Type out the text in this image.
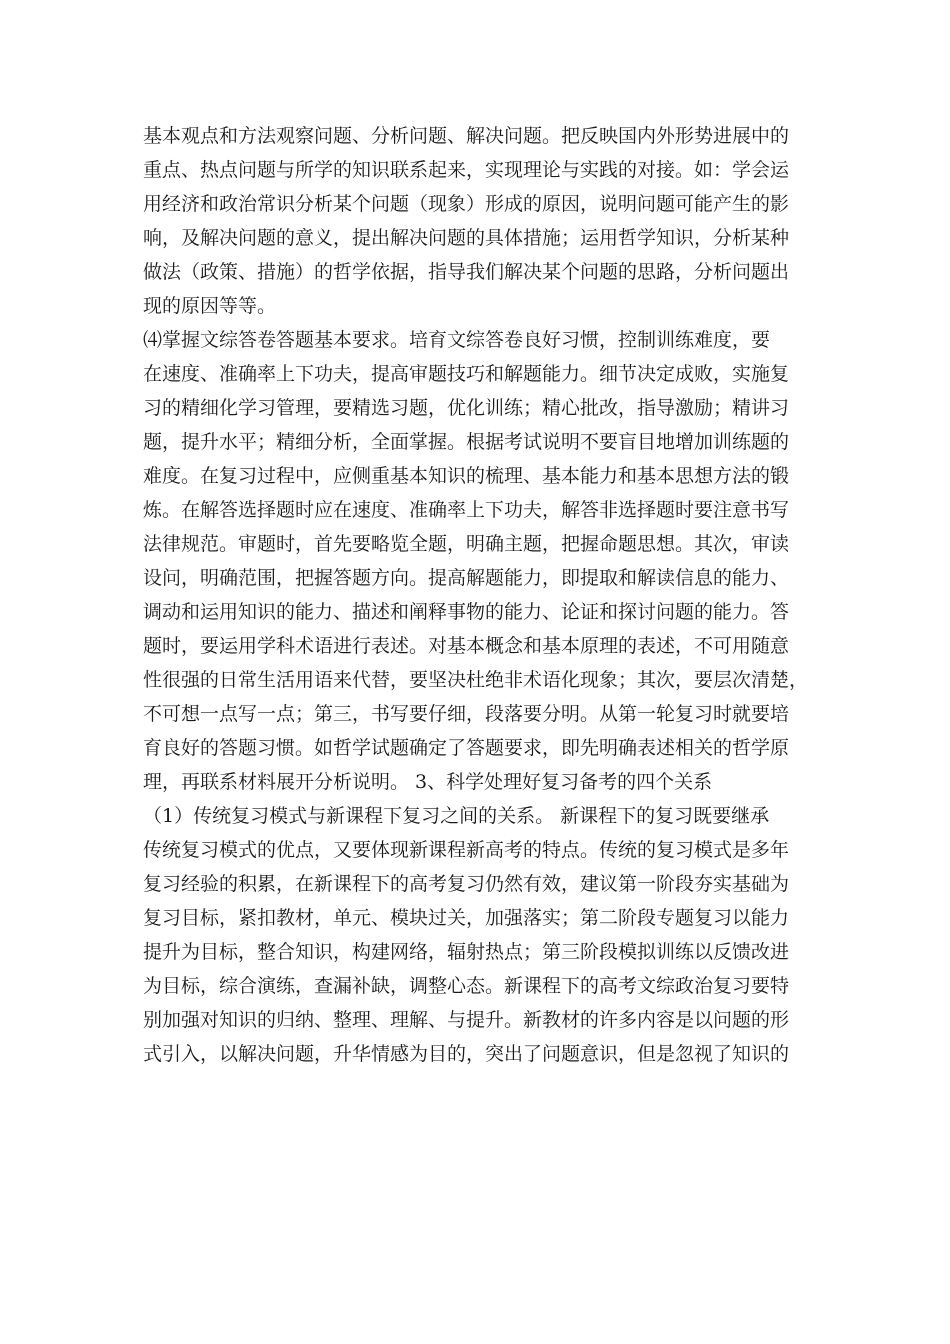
基本观点和方法观察问题、分析问题、解决问题。把反映国内外形势进展中的
重点、热点问题与所学的知识联系起来，实现理论与实践的对接。如：学会运
用经济和政治常识分析某个问题（现象）形成的原因，说明问题可能产生的影
响，及解决问题的意义，提出解决问题的具体措施；运用哲学知识，分析某种
做法（政策、措施）的哲学依据，指导我们解决某个问题的思路，分析问题出
现的原因等等。
⑷掌握文综答卷答题基本要求。培育文综答卷良好习惯，控制训练难度，要
在速度、准确率上下功夫，提高审题技巧和解题能力。细节决定成败，实施复
习的精细化学习管理，要精选习题，优化训练；精心批改，指导激励；精讲习
题，提升水平；精细分析，全面掌握。根据考试说明不要盲目地增加训练题的
难度。在复习过程中，应侧重基本知识的梳理、基本能力和基本思想方法的锻
炼。在解答选择题时应在速度、准确率上下功夫，解答非选择题时要注意书写
法律规范。审题时，首先要略览全题，明确主题，把握命题思想。其次，审读
设问，明确范围，把握答题方向。提高解题能力，即提取和解读信息的能力、
调动和运用知识的能力、描述和阐释事物的能力、论证和探讨问题的能力。答
题时，要运用学科术语进行表述。对基本概念和基本原理的表述，不可用随意
性很强的日常生活用语来代替，要坚决杜绝非术语化现象；其次，要层次清楚，
不可想一点写一点；第三，书写要仔细，段落要分明。从第一轮复习时就要培
育良好的答题习惯。如哲学试题确定了答题要求，即先明确表述相关的哲学原
理，再联系材料展开分析说明。 3、科学处理好复习备考的四个关系
（1）传统复习模式与新课程下复习之间的关系。 新课程下的复习既要继承
传统复习模式的优点，又要体现新课程新高考的特点。传统的复习模式是多年
复习经验的积累，在新课程下的高考复习仍然有效，建议第一阶段夯实基础为
复习目标，紧扣教材，单元、模块过关，加强落实；第二阶段专题复习以能力
提升为目标，整合知识，构建网络，辐射热点；第三阶段模拟训练以反馈改进
为目标，综合演练，查漏补缺，调整心态。新课程下的高考文综政治复习要特
别加强对知识的归纳、整理、理解、与提升。新教材的许多内容是以问题的形
式引入，以解决问题，升华情感为目的，突出了问题意识，但是忽视了知识的
